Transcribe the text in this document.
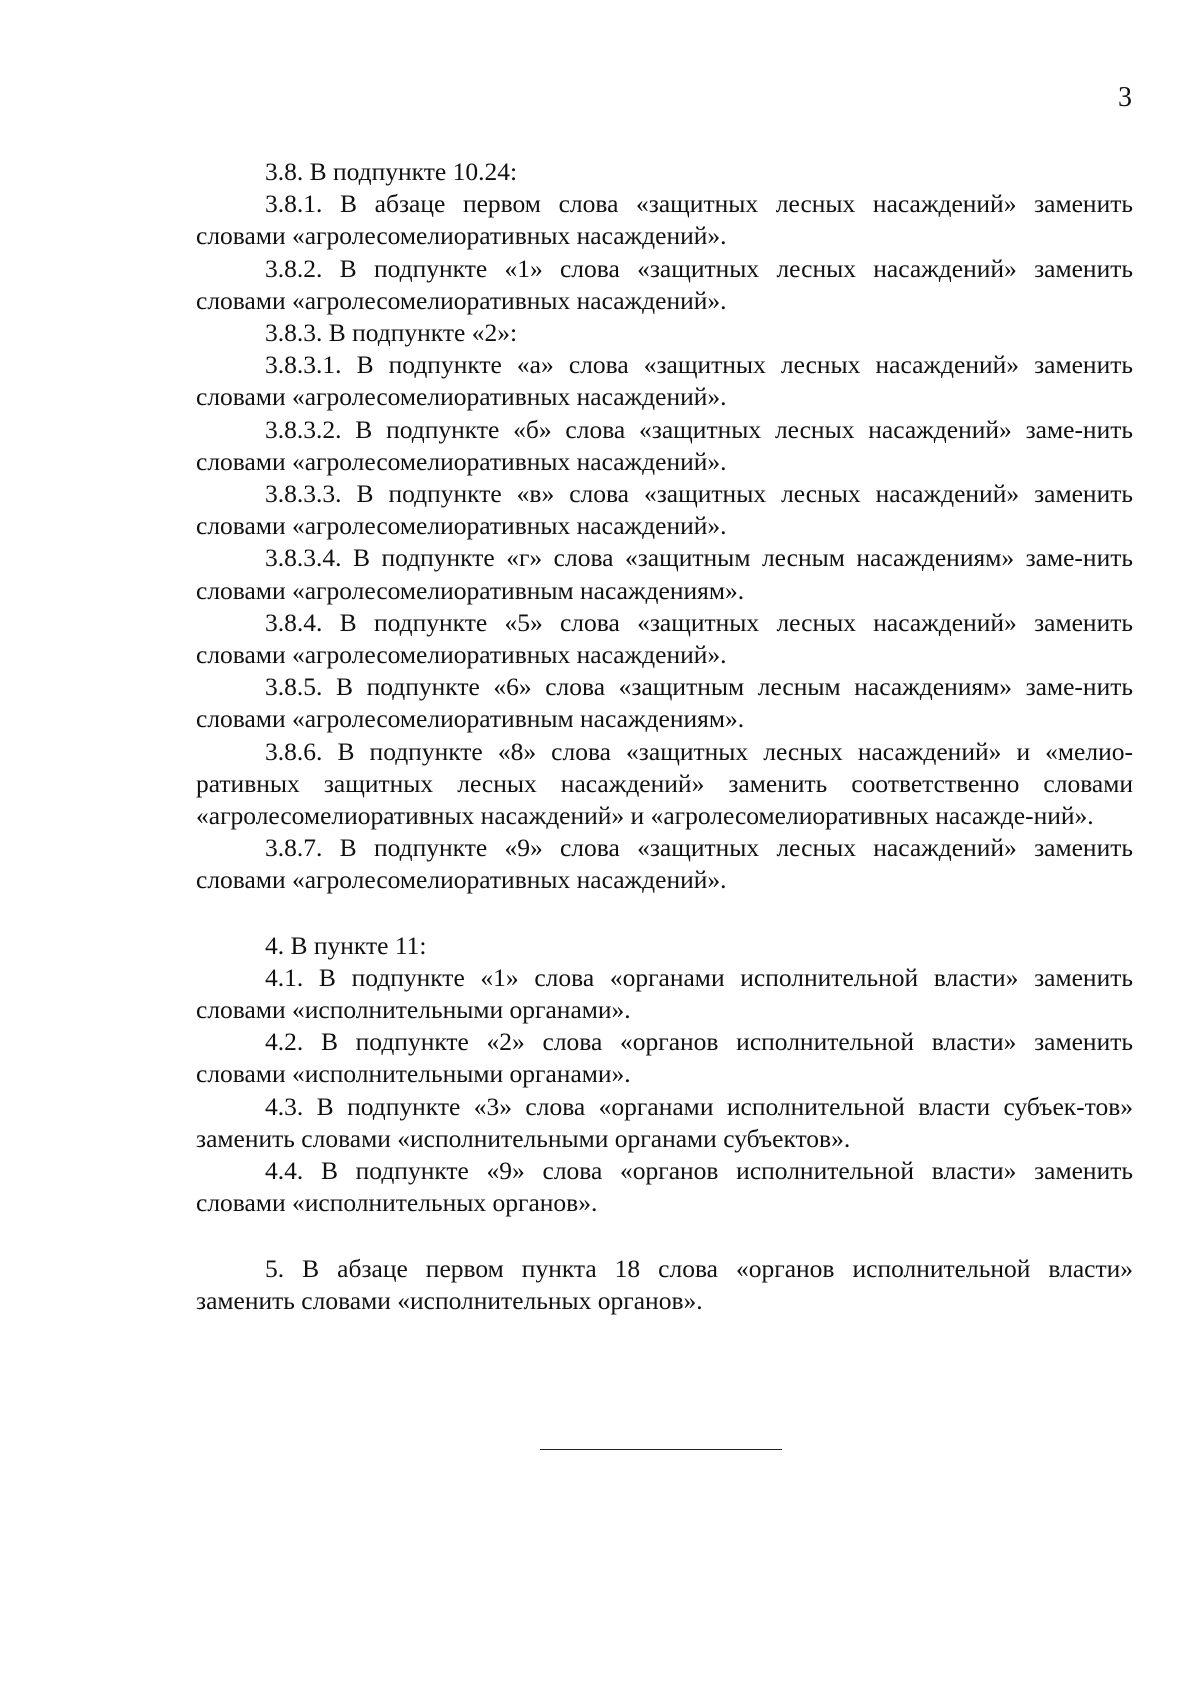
3

3.8. В подпункте 10.24:

3.8.1. В абзаце первом слова «защитных лесных насаждений» заменить словами «агролесомелиоративных насаждений».

3.8.2. В подпункте «1» слова «защитных лесных насаждений» заменить словами «агролесомелиоративных насаждений».

3.8.3. В подпункте «2»:

3.8.3.1. В подпункте «а» слова «защитных лесных насаждений» заменить словами «агролесомелиоративных насаждений».

3.8.3.2. В подпункте «б» слова «защитных лесных насаждений» заме-нить словами «агролесомелиоративных насаждений».

3.8.3.3. В подпункте «в» слова «защитных лесных насаждений» заменить словами «агролесомелиоративных насаждений».

3.8.3.4. В подпункте «г» слова «защитным лесным насаждениям» заме-нить словами «агролесомелиоративным насаждениям».

3.8.4. В подпункте «5» слова «защитных лесных насаждений» заменить словами «агролесомелиоративных насаждений».

3.8.5. В подпункте «6» слова «защитным лесным насаждениям» заме-нить словами «агролесомелиоративным насаждениям».

3.8.6. В подпункте «8» слова «защитных лесных насаждений» и «мелио-ративных защитных лесных насаждений» заменить соответственно словами «агролесомелиоративных насаждений» и «агролесомелиоративных насажде-ний».

3.8.7. В подпункте «9» слова «защитных лесных насаждений» заменить словами «агролесомелиоративных насаждений».

4. В пункте 11:

4.1. В подпункте «1» слова «органами исполнительной власти» заменить словами «исполнительными органами».

4.2. В подпункте «2» слова «органов исполнительной власти» заменить словами «исполнительными органами».

4.3. В подпункте «3» слова «органами исполнительной власти субъек-тов» заменить словами «исполнительными органами субъектов».

4.4. В подпункте «9» слова «органов исполнительной власти» заменить словами «исполнительных органов».

5. В абзаце первом пункта 18 слова «органов исполнительной власти» заменить словами «исполнительных органов».
